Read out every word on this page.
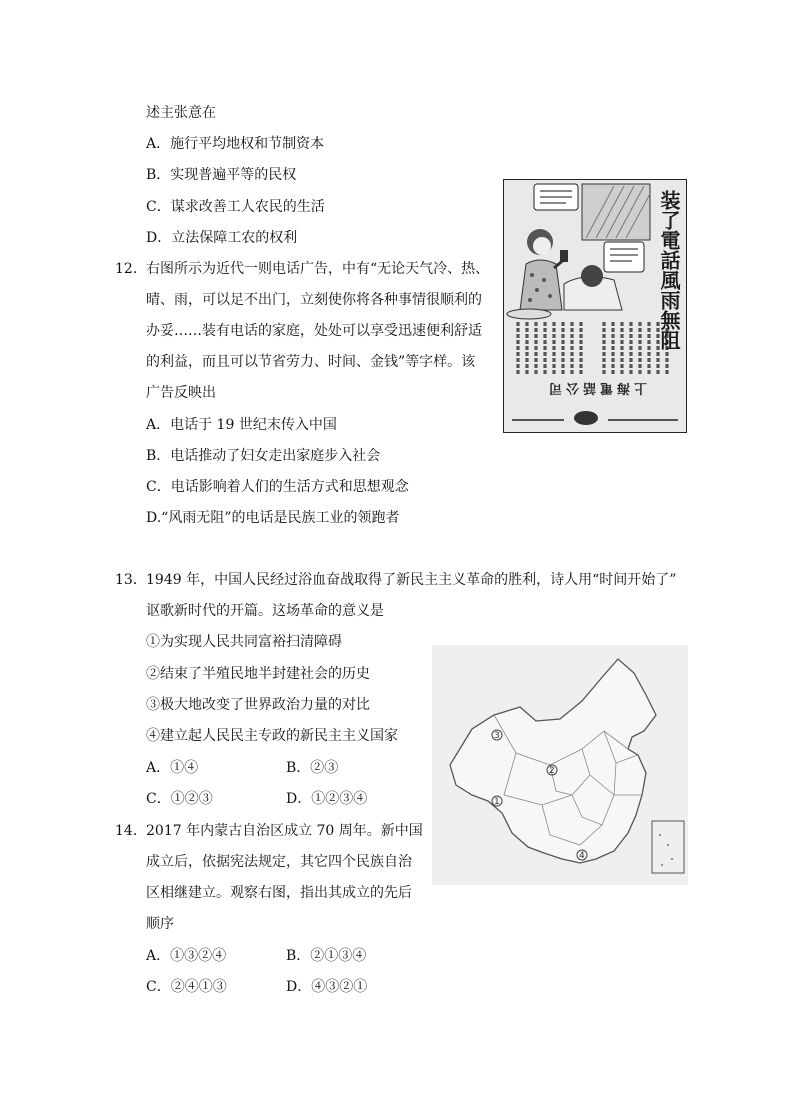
述主张意在
A．施行平均地权和节制资本
B．实现普遍平等的民权
C．谋求改善工人农民的生活
D．立法保障工农的权利
12． 右图所示为近代一则电话广告，中有“无论天气冷、热、
晴、雨，可以足不出门，立刻使你将各种事情很顺利的
办妥……装有电话的家庭，处处可以享受迅速便利舒适
的利益，而且可以节省劳力、时间、金钱”等字样。该
广告反映出
A．电话于 19 世纪末传入中国
B．电话推动了妇女走出家庭步入社会
C．电话影响着人们的生活方式和思想观念
D.“风雨无阻”的电话是民族工业的领跑者
装了電話風雨無阻
上海電話公司
13． 1949 年，中国人民经过浴血奋战取得了新民主主义革命的胜利，诗人用“时间开始了”
讴歌新时代的开篇。这场革命的意义是
①为实现人民共同富裕扫清障碍
②结束了半殖民地半封建社会的历史
③极大地改变了世界政治力量的对比
④建立起人民民主专政的新民主主义国家
A．①④	B．②③
C．①②③	D．①②③④
3
1
2
4
14． 2017 年内蒙古自治区成立 70 周年。新中国
成立后，依据宪法规定，其它四个民族自治
区相继建立。观察右图，指出其成立的先后
顺序
A．①③②④	B．②①③④
C．②④①③	D．④③②①
